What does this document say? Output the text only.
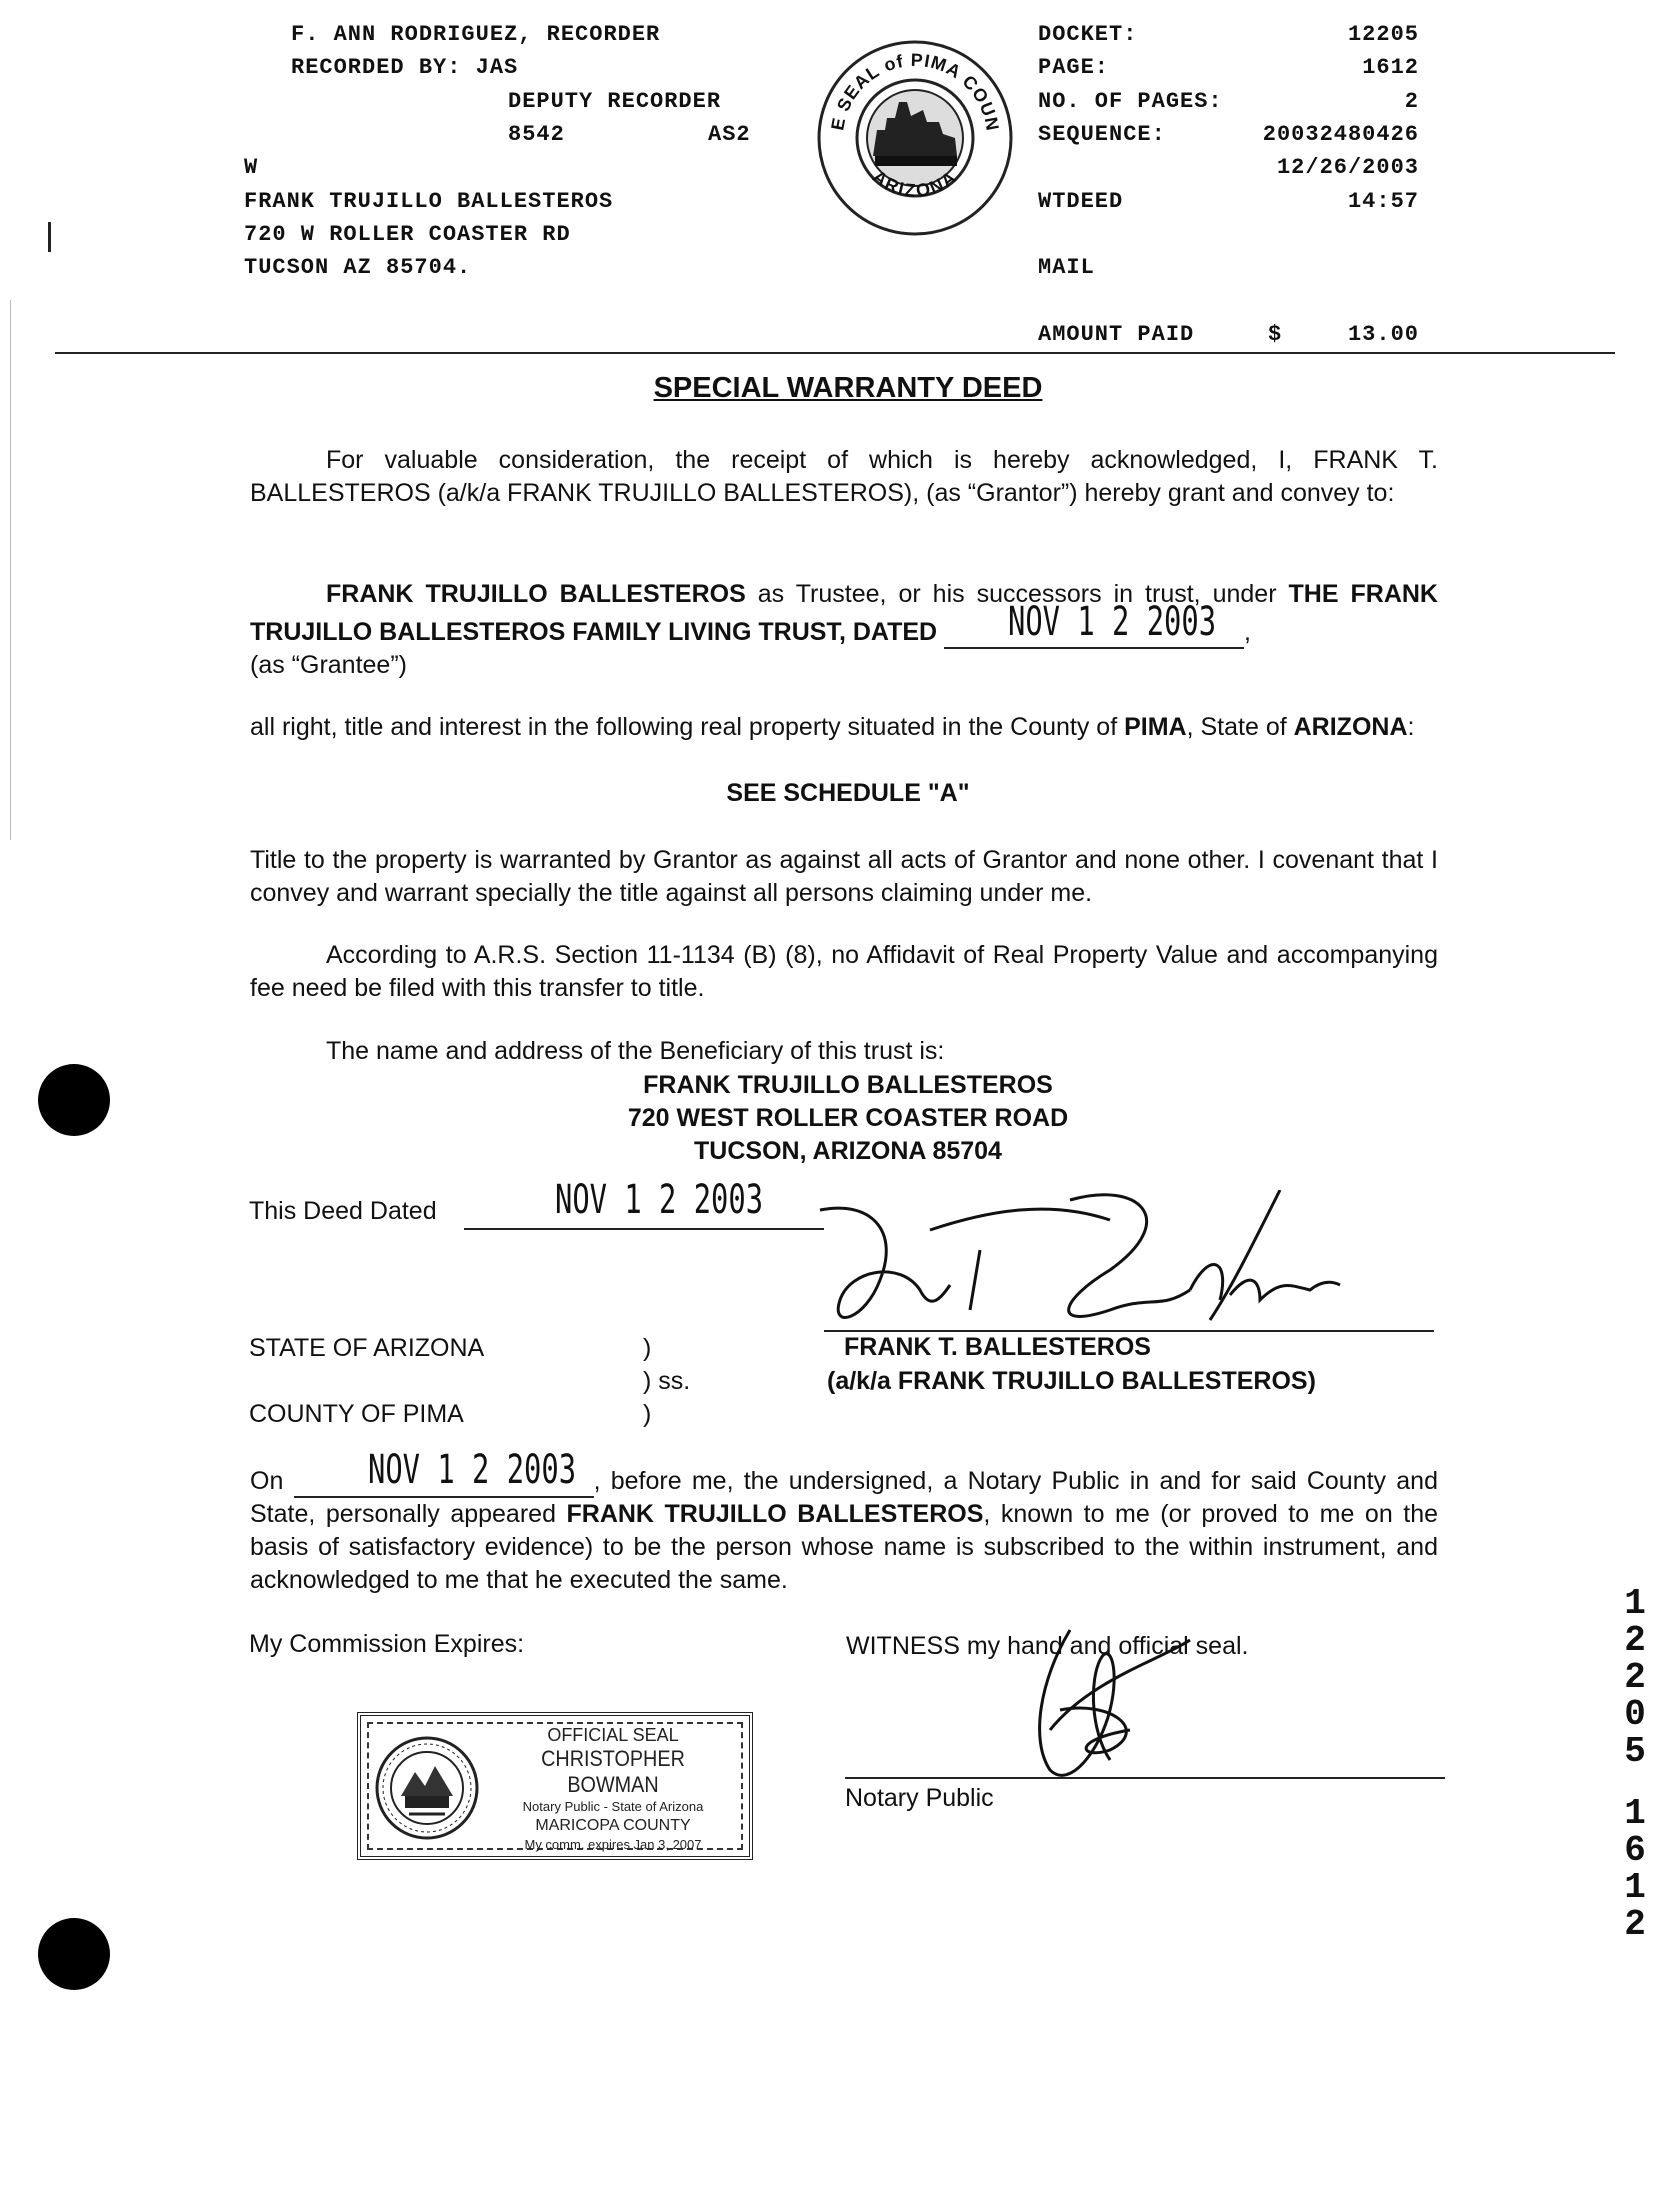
F. ANN RODRIGUEZ, RECORDER
RECORDED BY: JAS
DEPUTY RECORDER
8542	AS2
W
FRANK TRUJILLO BALLESTEROS
720 W ROLLER COASTER RD
TUCSON AZ 85704.
E SEAL of PIMA COUN
ARIZONA
DOCKET:	12205
PAGE:	1612
NO. OF PAGES:	2
SEQUENCE:	20032480426
12/26/2003
WTDEED	14:57
MAIL
AMOUNT PAID	$	13.00
SPECIAL WARRANTY DEED
For valuable consideration, the receipt of which is hereby acknowledged, I, FRANK T. BALLESTEROS (a/k/a FRANK TRUJILLO BALLESTEROS), (as “Grantor”) hereby grant and convey to:
FRANK TRUJILLO BALLESTEROS as Trustee, or his successors in trust, under THE FRANK TRUJILLO BALLESTEROS FAMILY LIVING TRUST, DATED NOV 1 2 2003 ,
(as “Grantee”)
all right, title and interest in the following real property situated in the County of PIMA, State of ARIZONA:
SEE SCHEDULE "A"
Title to the property is warranted by Grantor as against all acts of Grantor and none other. I covenant that I convey and warrant specially the title against all persons claiming under me.
According to A.R.S. Section 11-1134 (B) (8), no Affidavit of Real Property Value and accompanying fee need be filed with this transfer to title.
The name and address of the Beneficiary of this trust is:
FRANK TRUJILLO BALLESTEROS
720 WEST ROLLER COASTER ROAD
TUCSON, ARIZONA 85704
This Deed Dated	NOV 1 2 2003
FRANK T. BALLESTEROS
(a/k/a FRANK TRUJILLO BALLESTEROS)
STATE OF ARIZONA	)
) ss.
COUNTY OF PIMA	)
On NOV 1 2 2003 , before me, the undersigned, a Notary Public in and for said County and State, personally appeared FRANK TRUJILLO BALLESTEROS, known to me (or proved to me on the basis of satisfactory evidence) to be the person whose name is subscribed to the within instrument, and acknowledged to me that he executed the same.
My Commission Expires:	WITNESS my hand and official seal.
Notary Public
OFFICIAL SEAL
CHRISTOPHER BOWMAN
Notary Public - State of Arizona
MARICOPA COUNTY
My comm. expires Jan 3, 2007
1
2
2
0
5
1
6
1
2
